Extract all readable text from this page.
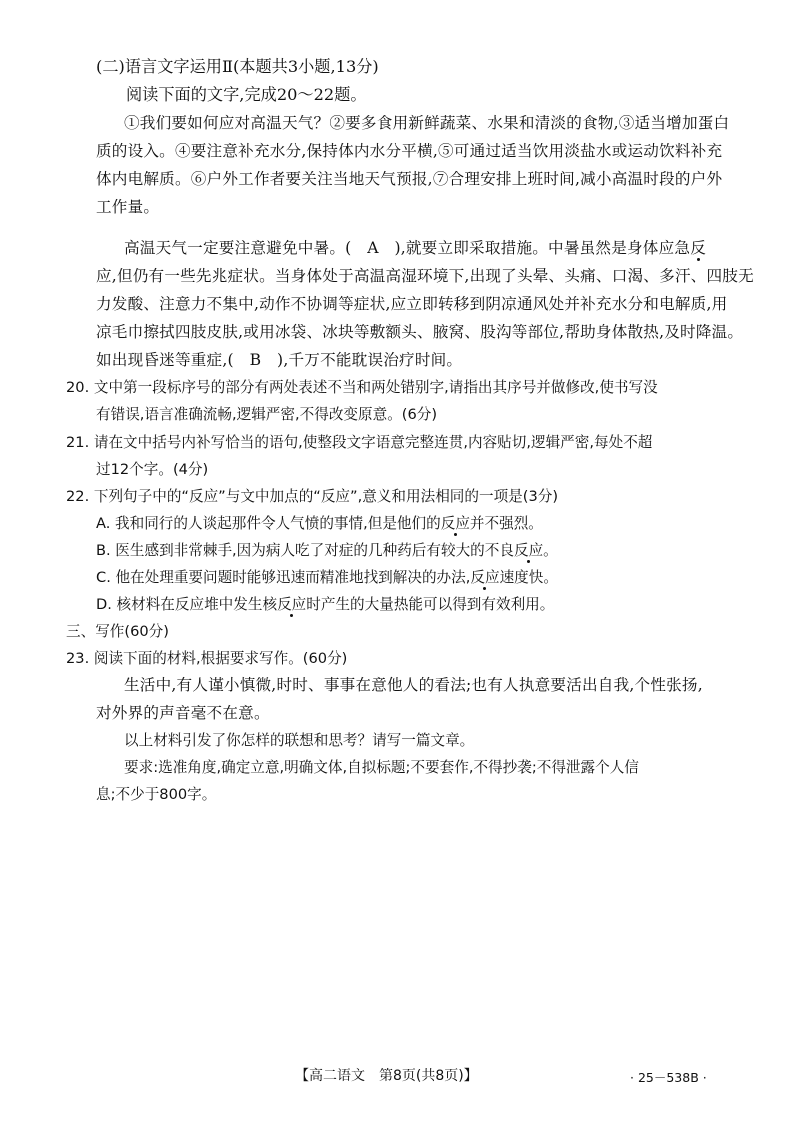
(二)语言文字运用Ⅱ(本题共3小题,13分)
阅读下面的文字,完成20～22题。
①我们要如何应对高温天气？②要多食用新鲜蔬菜、水果和清淡的食物,③适当增加蛋白
质的设入。④要注意补充水分,保持体内水分平横,⑤可通过适当饮用淡盐水或运动饮料补充
体内电解质。⑥户外工作者要关注当地天气预报,⑦合理安排上班时间,减小高温时段的户外
工作量。
高温天气一定要注意避免中暑。(　A　),就要立即采取措施。中暑虽然是身体应急反
应,但仍有一些先兆症状。当身体处于高温高湿环境下,出现了头晕、头痛、口渴、多汗、四肢无
力发酸、注意力不集中,动作不协调等症状,应立即转移到阴凉通风处并补充水分和电解质,用
凉毛巾擦拭四肢皮肤,或用冰袋、冰块等敷额头、腋窝、股沟等部位,帮助身体散热,及时降温。
如出现昏迷等重症,(　B　),千万不能耽误治疗时间。
20. 文中第一段标序号的部分有两处表述不当和两处错别字,请指出其序号并做修改,使书写没
有错误,语言准确流畅,逻辑严密,不得改变原意。(6分)
21. 请在文中括号内补写恰当的语句,使整段文字语意完整连贯,内容贴切,逻辑严密,每处不超
过12个字。(4分)
22. 下列句子中的“反应”与文中加点的“反应”,意义和用法相同的一项是(3分)
A. 我和同行的人谈起那件令人气愤的事情,但是他们的反应并不强烈。
B. 医生感到非常棘手,因为病人吃了对症的几种药后有较大的不良反应。
C. 他在处理重要问题时能够迅速而精准地找到解决的办法,反应速度快。
D. 核材料在反应堆中发生核反应时产生的大量热能可以得到有效利用。
三、写作(60分)
23. 阅读下面的材料,根据要求写作。(60分)
生活中,有人谨小慎微,时时、事事在意他人的看法;也有人执意要活出自我,个性张扬,
对外界的声音毫不在意。
以上材料引发了你怎样的联想和思考？请写一篇文章。
要求:选准角度,确定立意,明确文体,自拟标题;不要套作,不得抄袭;不得泄露个人信
息;不少于800字。
【高二语文　第8页(共8页)】	· 25－538B ·
